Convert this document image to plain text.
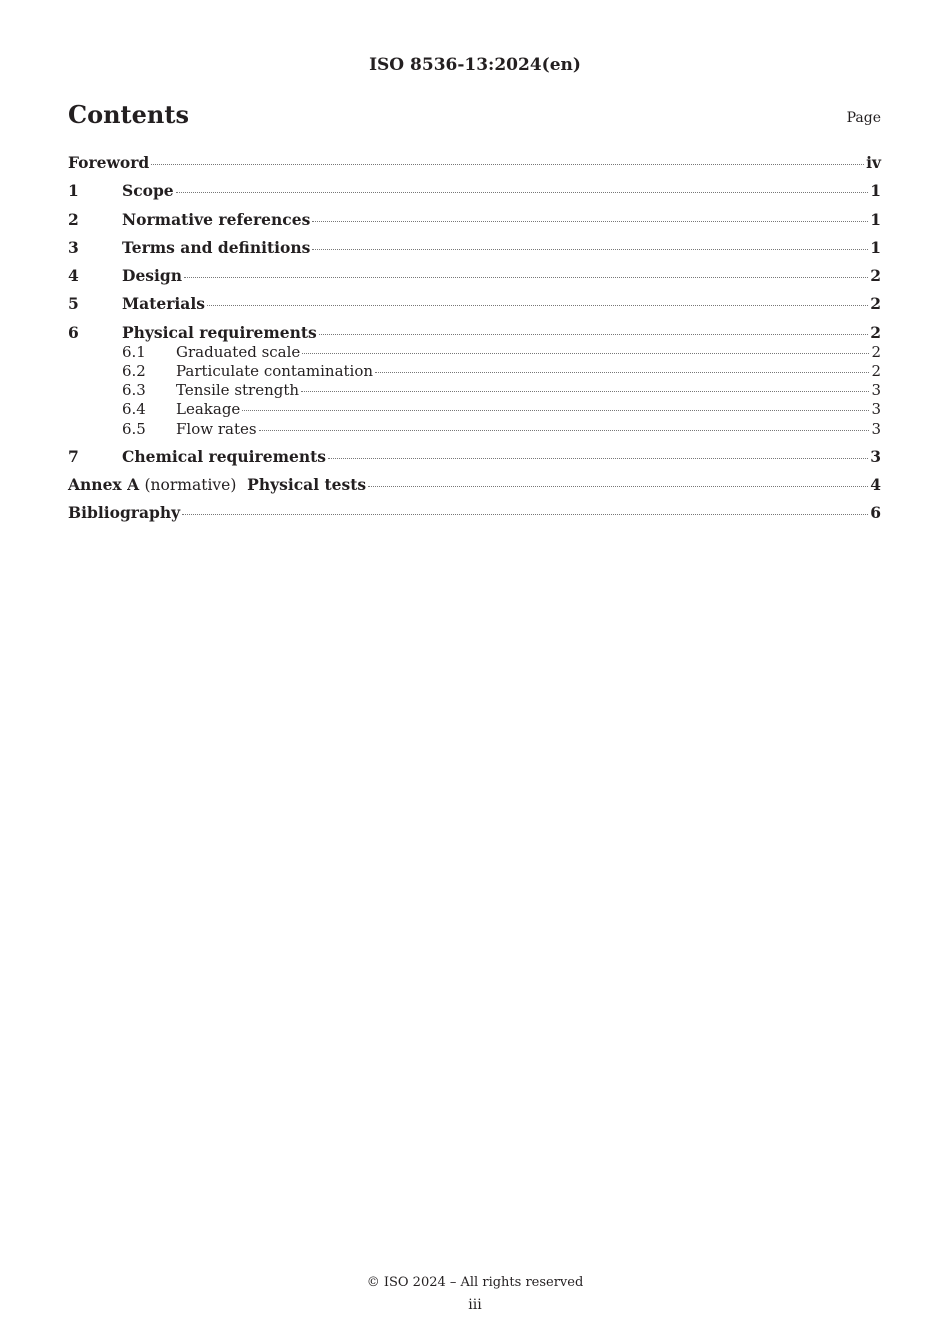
ISO 8536-13:2024(en)
Contents	Page
Foreword	iv
1	Scope	1
2	Normative references	1
3	Terms and definitions	1
4	Design	2
5	Materials	2
6	Physical requirements	2
6.1	Graduated scale	2
6.2	Particulate contamination	2
6.3	Tensile strength	3
6.4	Leakage	3
6.5	Flow rates	3
7	Chemical requirements	3
Annex A (normative) Physical tests	4
Bibliography	6
© ISO 2024 – All rights reserved
iii
